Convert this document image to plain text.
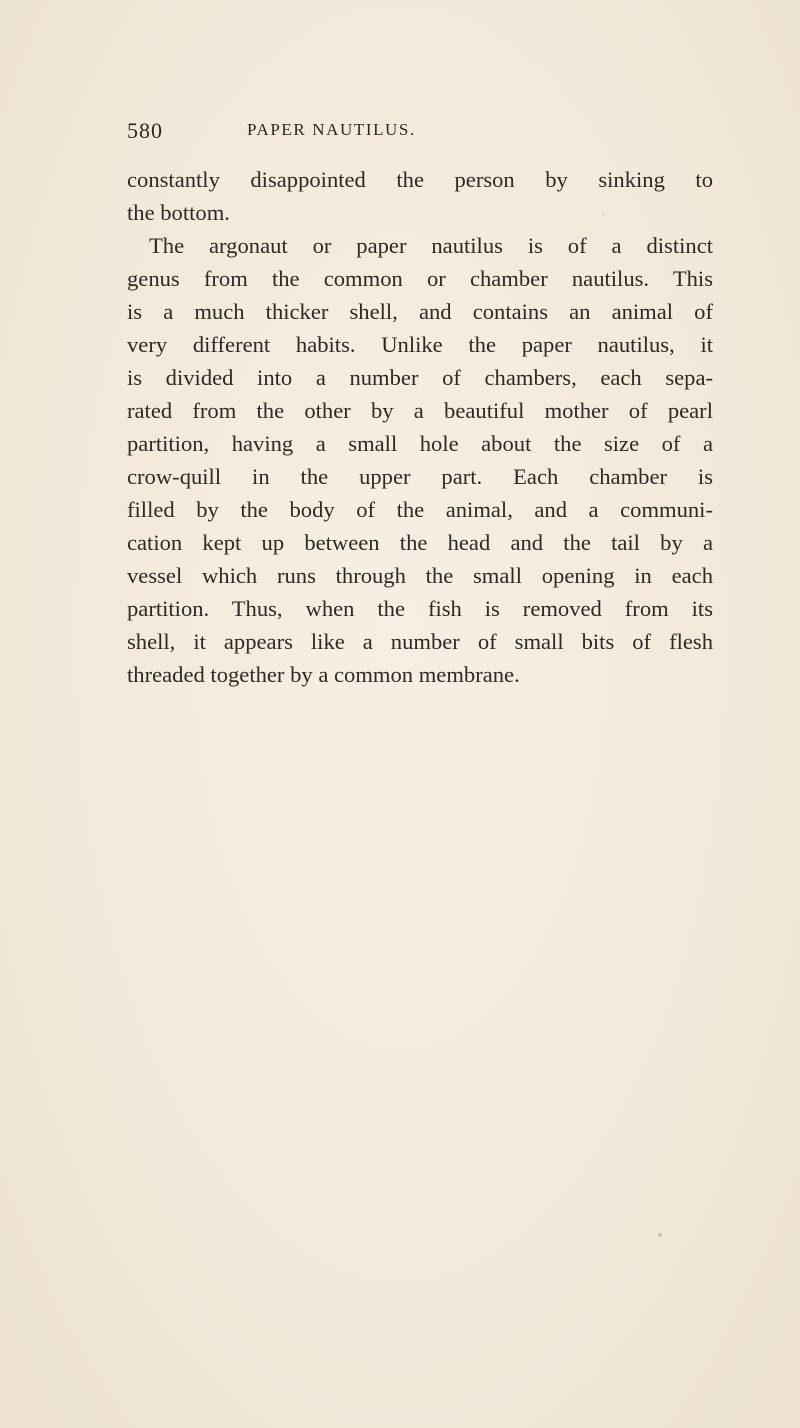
580	PAPER NAUTILUS.
constantly disappointed the person by sinking to
the bottom.
The argonaut or paper nautilus is of a distinct
genus from the common or chamber nautilus. This
is a much thicker shell, and contains an animal of
very different habits. Unlike the paper nautilus, it
is divided into a number of chambers, each sepa-
rated from the other by a beautiful mother of pearl
partition, having a small hole about the size of a
crow-quill in the upper part. Each chamber is
filled by the body of the animal, and a communi-
cation kept up between the head and the tail by a
vessel which runs through the small opening in each
partition. Thus, when the fish is removed from its
shell, it appears like a number of small bits of flesh
threaded together by a common membrane.
